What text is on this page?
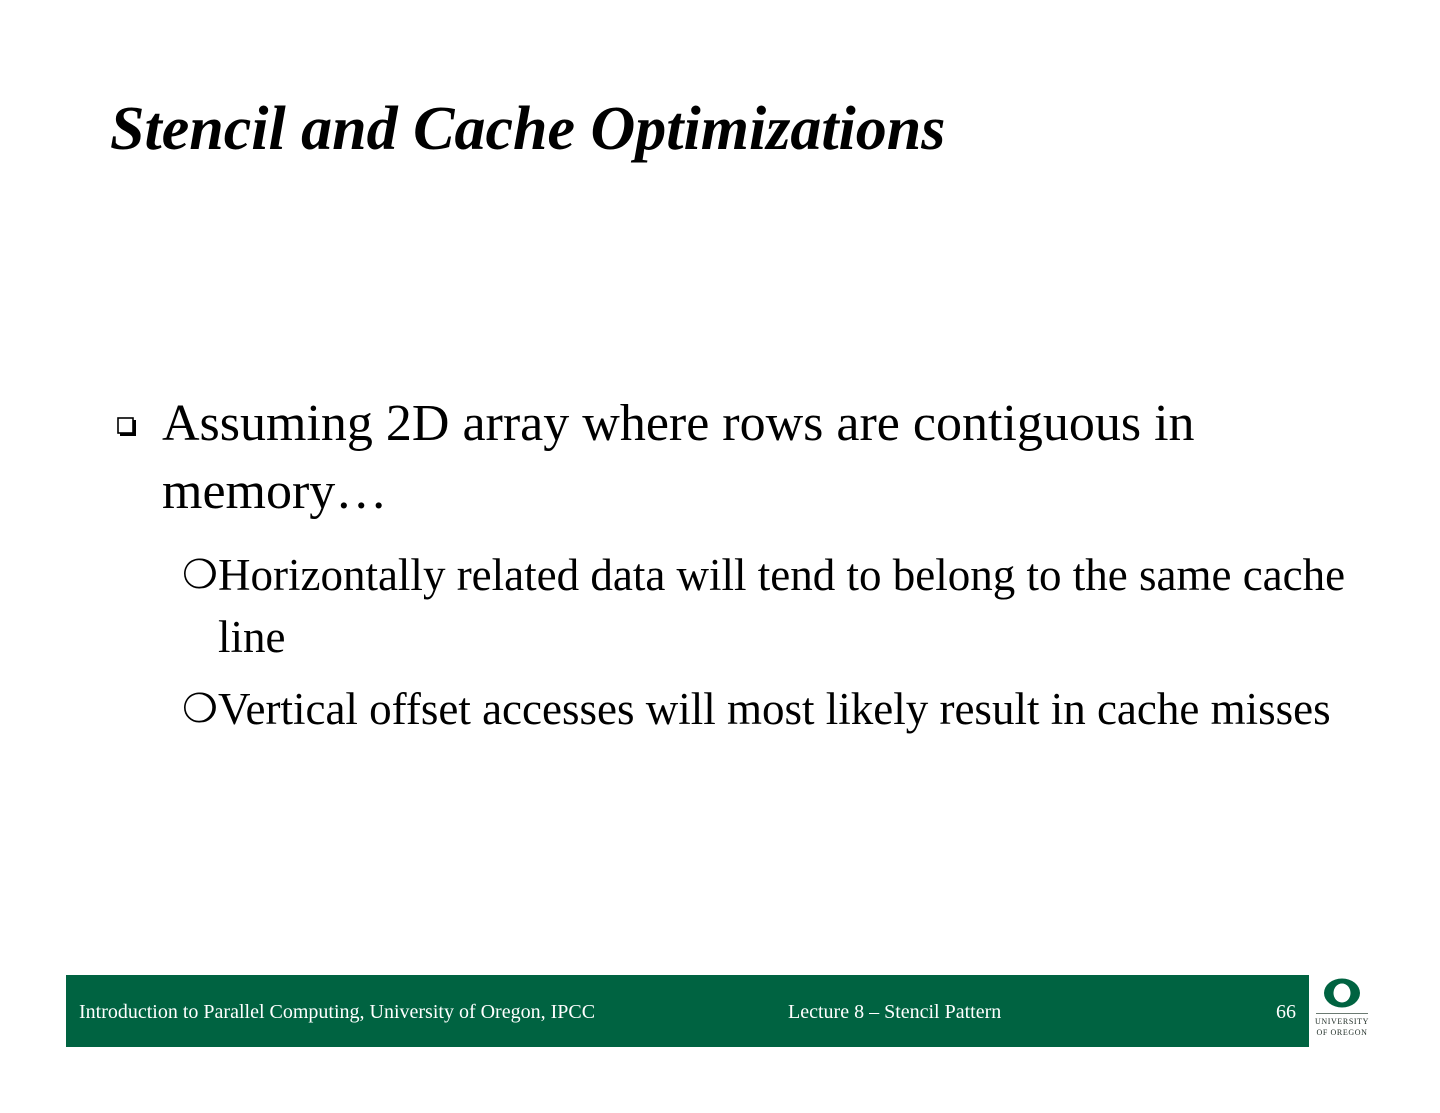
Stencil and Cache Optimizations
Assuming 2D array where rows are contiguous in memory…
❍ Horizontally related data will tend to belong to the same cache line
❍ Vertical offset accesses will most likely result in cache misses
Introduction to Parallel Computing, University of Oregon, IPCC	Lecture 8 – Stencil Pattern	66	UNIVERSITY
OF OREGON
